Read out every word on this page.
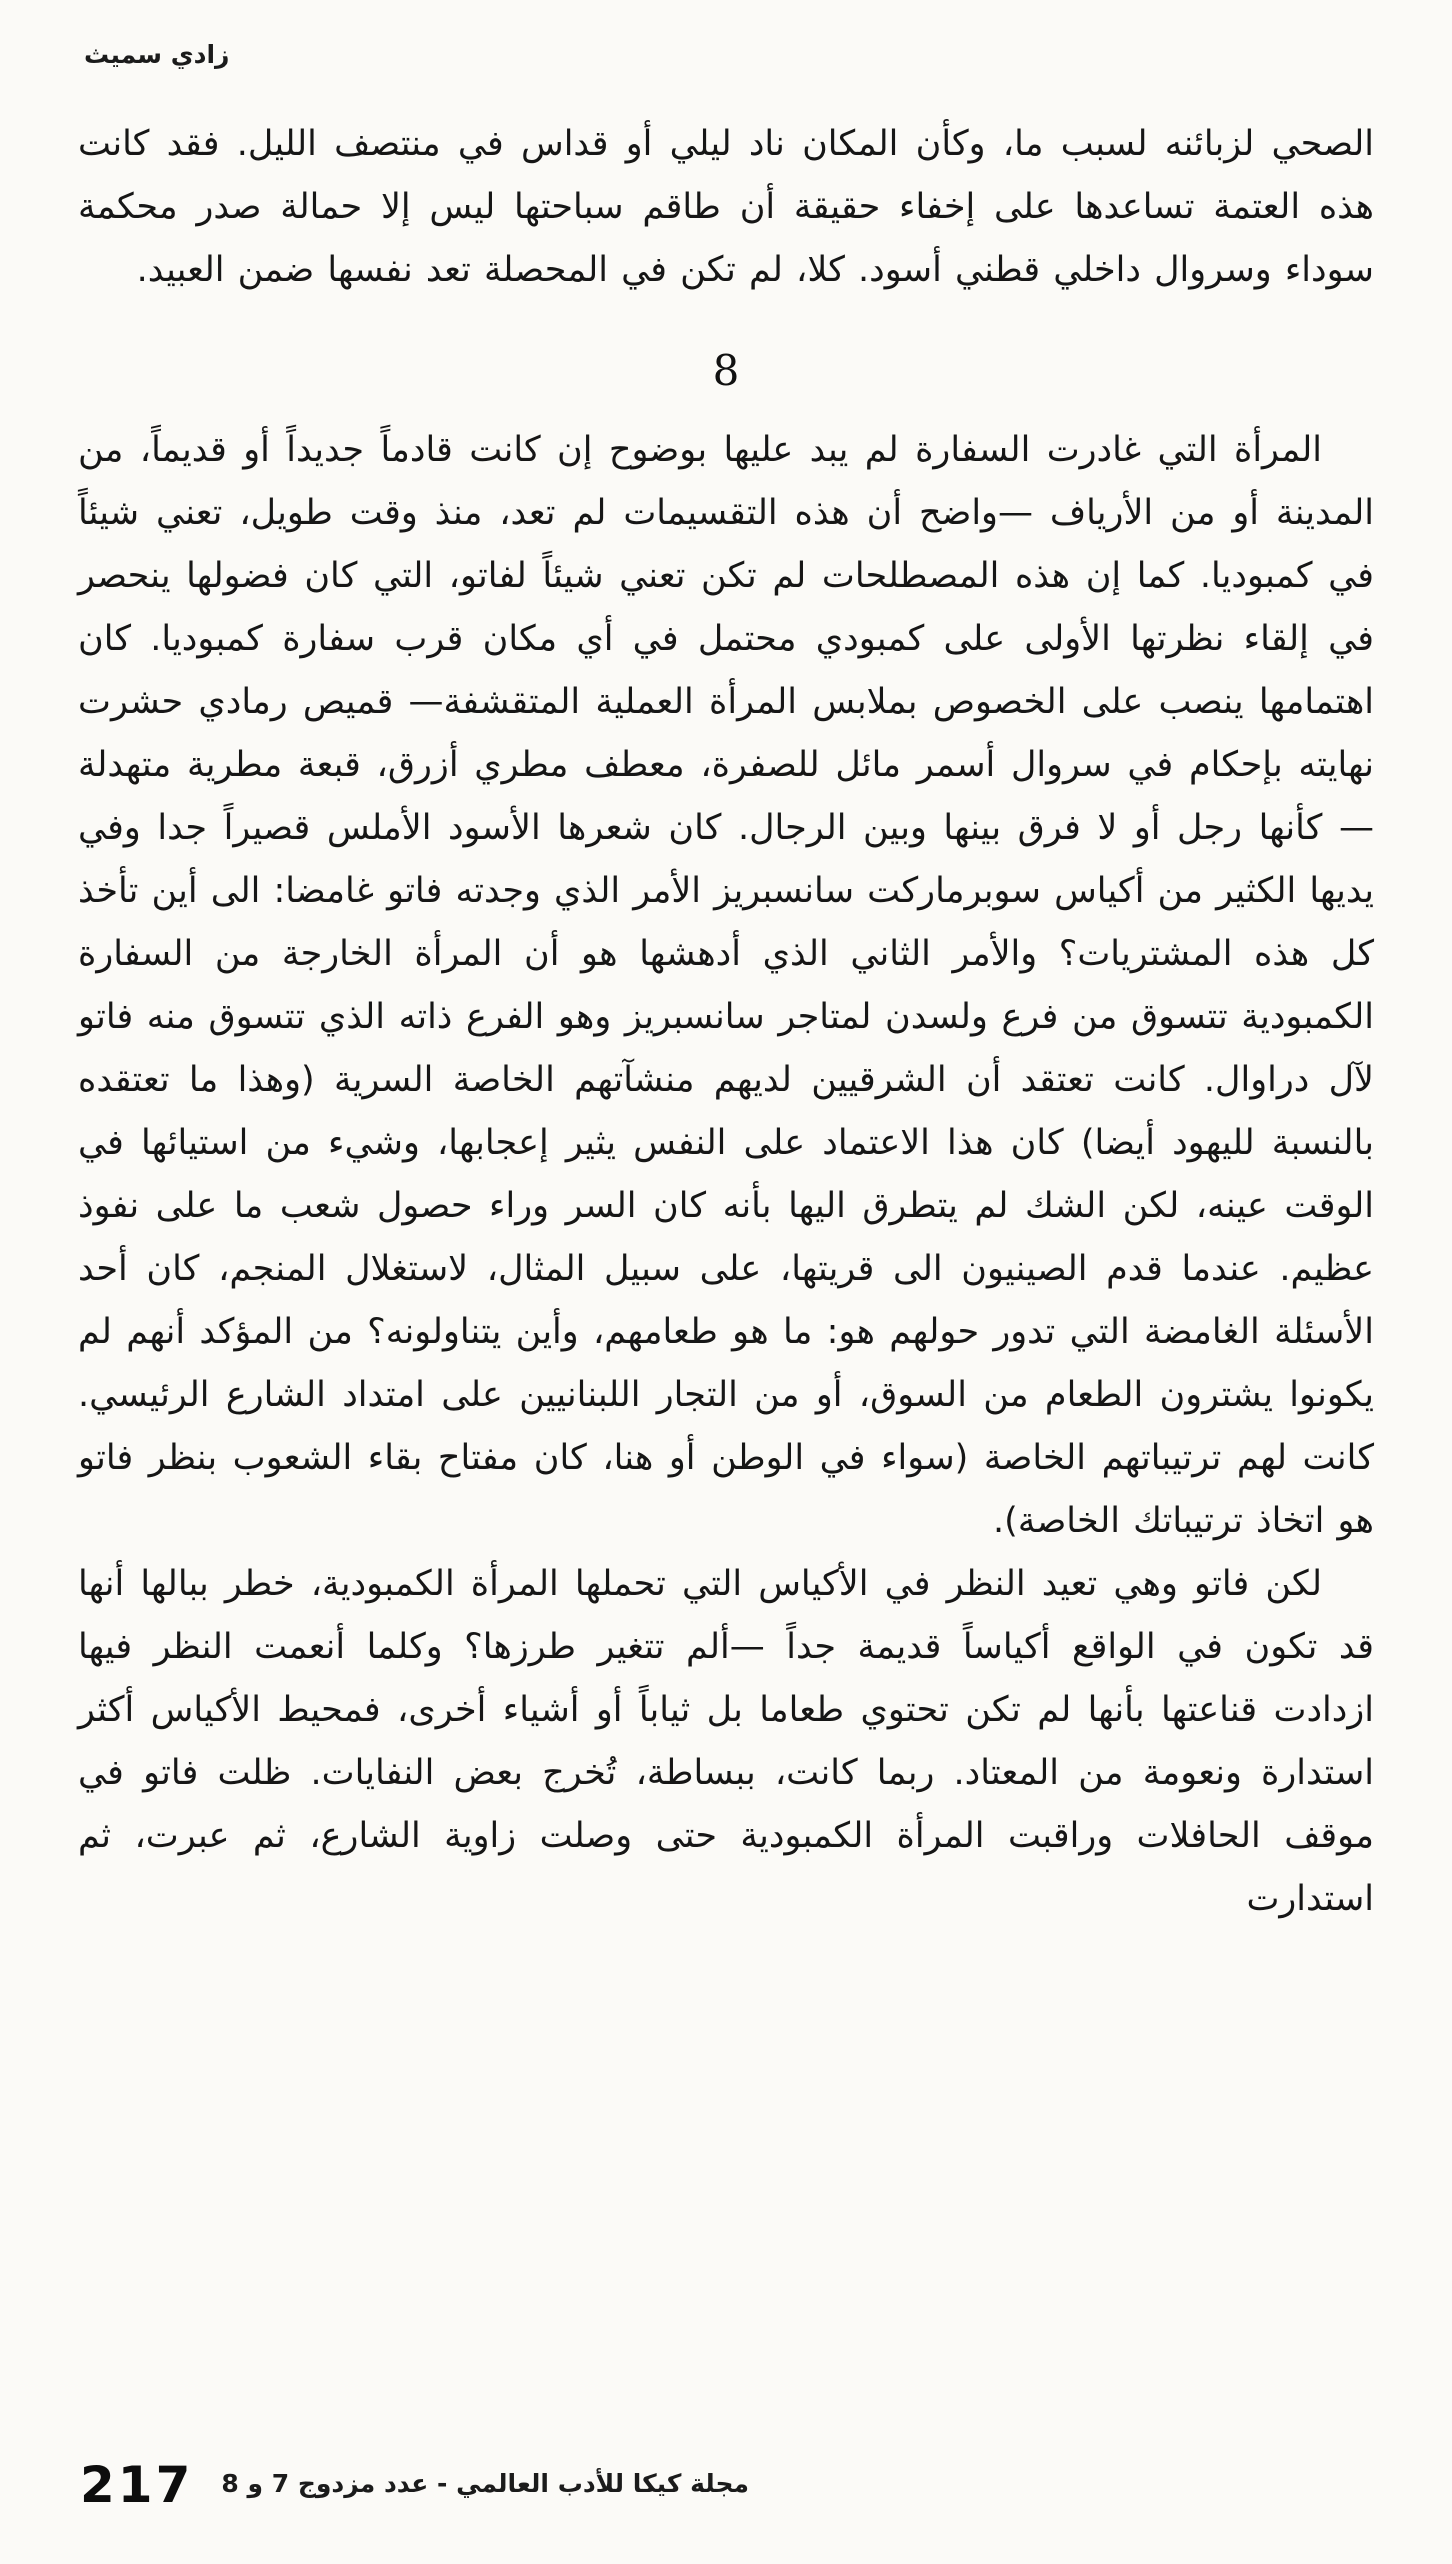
زادي سميث

الصحي لزبائنه لسبب ما، وكأن المكان ناد ليلي أو قداس في منتصف الليل. فقد كانت هذه العتمة تساعدها على إخفاء حقيقة أن طاقم سباحتها ليس إلا حمالة صدر محكمة سوداء وسروال داخلي قطني أسود. كلا، لم تكن في المحصلة تعد نفسها ضمن العبيد.

8

المرأة التي غادرت السفارة لم يبد عليها بوضوح إن كانت قادماً جديداً أو قديماً، من المدينة أو من الأرياف —واضح أن هذه التقسيمات لم تعد، منذ وقت طويل، تعني شيئاً في كمبوديا. كما إن هذه المصطلحات لم تكن تعني شيئاً لفاتو، التي كان فضولها ينحصر في إلقاء نظرتها الأولى على كمبودي محتمل في أي مكان قرب سفارة كمبوديا. كان اهتمامها ينصب على الخصوص بملابس المرأة العملية المتقشفة— قميص رمادي حشرت نهايته بإحكام في سروال أسمر مائل للصفرة، معطف مطري أزرق، قبعة مطرية متهدلة— كأنها رجل أو لا فرق بينها وبين الرجال. كان شعرها الأسود الأملس قصيراً جدا وفي يديها الكثير من أكياس سوبرماركت سانسبريز الأمر الذي وجدته فاتو غامضا: الى أين تأخذ كل هذه المشتريات؟ والأمر الثاني الذي أدهشها هو أن المرأة الخارجة من السفارة الكمبودية تتسوق من فرع ولسدن لمتاجر سانسبريز وهو الفرع ذاته الذي تتسوق منه فاتو لآل دراوال. كانت تعتقد أن الشرقيين لديهم منشآتهم الخاصة السرية (وهذا ما تعتقده بالنسبة لليهود أيضا) كان هذا الاعتماد على النفس يثير إعجابها، وشيء من استيائها في الوقت عينه، لكن الشك لم يتطرق اليها بأنه كان السر وراء حصول شعب ما على نفوذ عظيم. عندما قدم الصينيون الى قريتها، على سبيل المثال، لاستغلال المنجم، كان أحد الأسئلة الغامضة التي تدور حولهم هو: ما هو طعامهم، وأين يتناولونه؟ من المؤكد أنهم لم يكونوا يشترون الطعام من السوق، أو من التجار اللبنانيين على امتداد الشارع الرئيسي. كانت لهم ترتيباتهم الخاصة (سواء في الوطن أو هنا، كان مفتاح بقاء الشعوب بنظر فاتو هو اتخاذ ترتيباتك الخاصة).

لكن فاتو وهي تعيد النظر في الأكياس التي تحملها المرأة الكمبودية، خطر ببالها أنها قد تكون في الواقع أكياساً قديمة جداً —ألم تتغير طرزها؟ وكلما أنعمت النظر فيها ازدادت قناعتها بأنها لم تكن تحتوي طعاما بل ثياباً أو أشياء أخرى، فمحيط الأكياس أكثر استدارة ونعومة من المعتاد. ربما كانت، ببساطة، تُخرج بعض النفايات. ظلت فاتو في موقف الحافلات وراقبت المرأة الكمبودية حتى وصلت زاوية الشارع، ثم عبرت، ثم استدارت

217 مجلة كيكا للأدب العالمي - عدد مزدوج 7 و 8
